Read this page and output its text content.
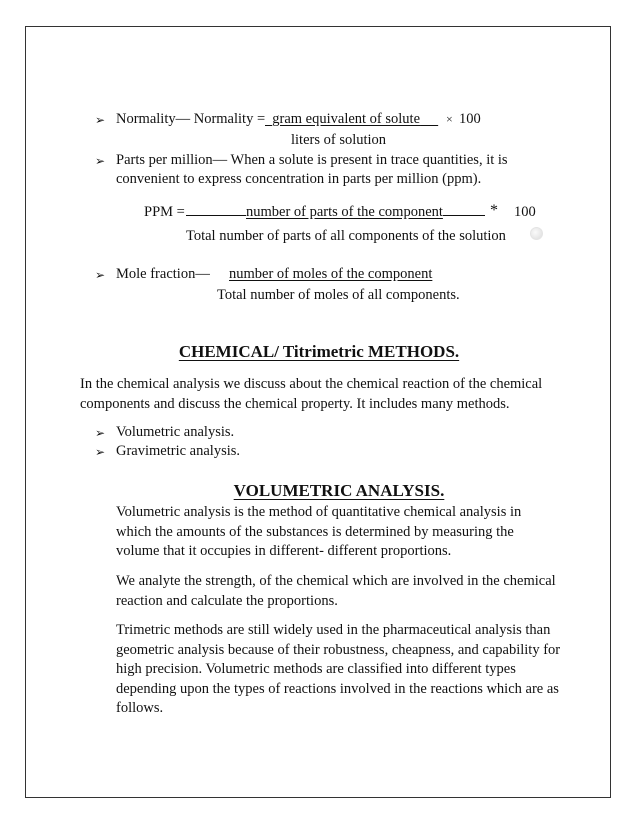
➢ Normality— Normality = gram equivalent of solute	× 100
liters of solution
➢ Parts per million— When a solute is present in trace quantities, it is
convenient to express concentration in parts per million (ppm).
PPM =	number of parts of the component	* 100
Total number of parts of all components of the solution
➢ Mole fraction— number of moles of the component
Total number of moles of all components.
CHEMICAL/ Titrimetric METHODS.
In the chemical analysis we discuss about the chemical reaction of the chemical
components and discuss the chemical property. It includes many methods.
➢ Volumetric analysis.
➢ Gravimetric analysis.
VOLUMETRIC ANALYSIS.
Volumetric analysis is the method of quantitative chemical analysis in
which the amounts of the substances is determined by measuring the
volume that it occupies in different- different proportions.
We analyte the strength, of the chemical which are involved in the chemical
reaction and calculate the proportions.
Trimetric methods are still widely used in the pharmaceutical analysis than
geometric analysis because of their robustness, cheapness, and capability for
high precision. Volumetric methods are classified into different types
depending upon the types of reactions involved in the reactions which are as
follows.
